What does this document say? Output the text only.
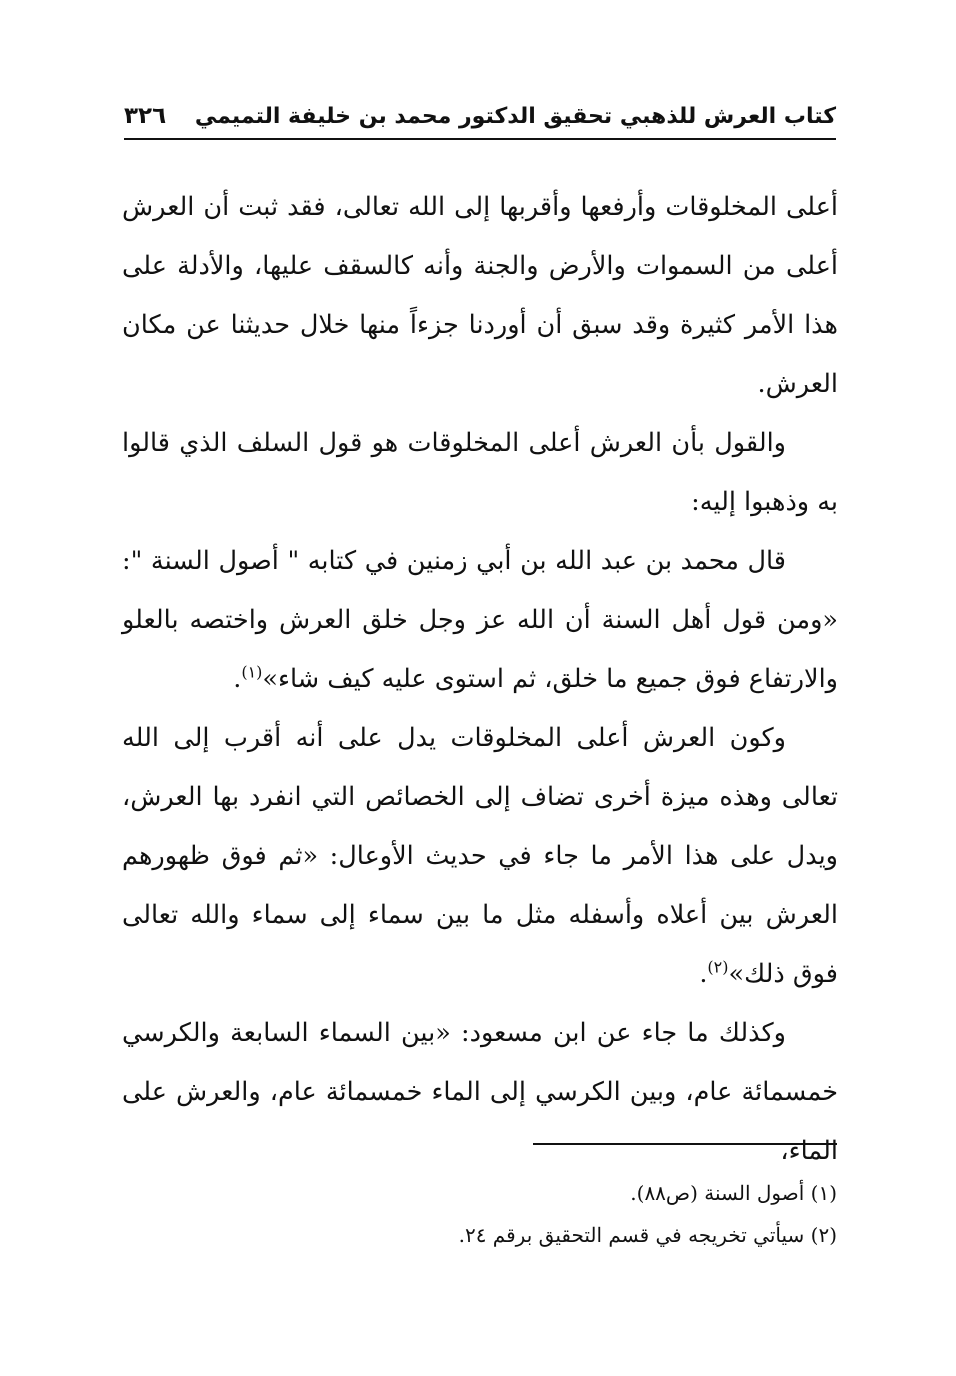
كتاب العرش للذهبي تحقيق الدكتور محمد بن خليفة التميمي
٣٢٦

أعلى المخلوقات وأرفعها وأقربها إلى الله تعالى، فقد ثبت أن العرش أعلى من السموات والأرض والجنة وأنه كالسقف عليها، والأدلة على هذا الأمر كثيرة وقد سبق أن أوردنا جزءاً منها خلال حديثنا عن مكان العرش.

والقول بأن العرش أعلى المخلوقات هو قول السلف الذي قالوا به وذهبوا إليه:

قال محمد بن عبد الله بن أبي زمنين في كتابه " أصول السنة ": «ومن قول أهل السنة أن الله عز وجل خلق العرش واختصه بالعلو والارتفاع فوق جميع ما خلق، ثم استوى عليه كيف شاء»$^{(١)}$.

وكون العرش أعلى المخلوقات يدل على أنه أقرب إلى الله تعالى وهذه ميزة أخرى تضاف إلى الخصائص التي انفرد بها العرش، ويدل على هذا الأمر ما جاء في حديث الأوعال: «ثم فوق ظهورهم العرش بين أعلاه وأسفله مثل ما بين سماء إلى سماء والله تعالى فوق ذلك»$^{(٢)}$.

وكذلك ما جاء عن ابن مسعود: «بين السماء السابعة والكرسي خمسمائة عام، وبين الكرسي إلى الماء خمسمائة عام، والعرش على الماء،

(١) أصول السنة (ص٨٨).

(٢) سيأتي تخريجه في قسم التحقيق برقم ٢٤.
